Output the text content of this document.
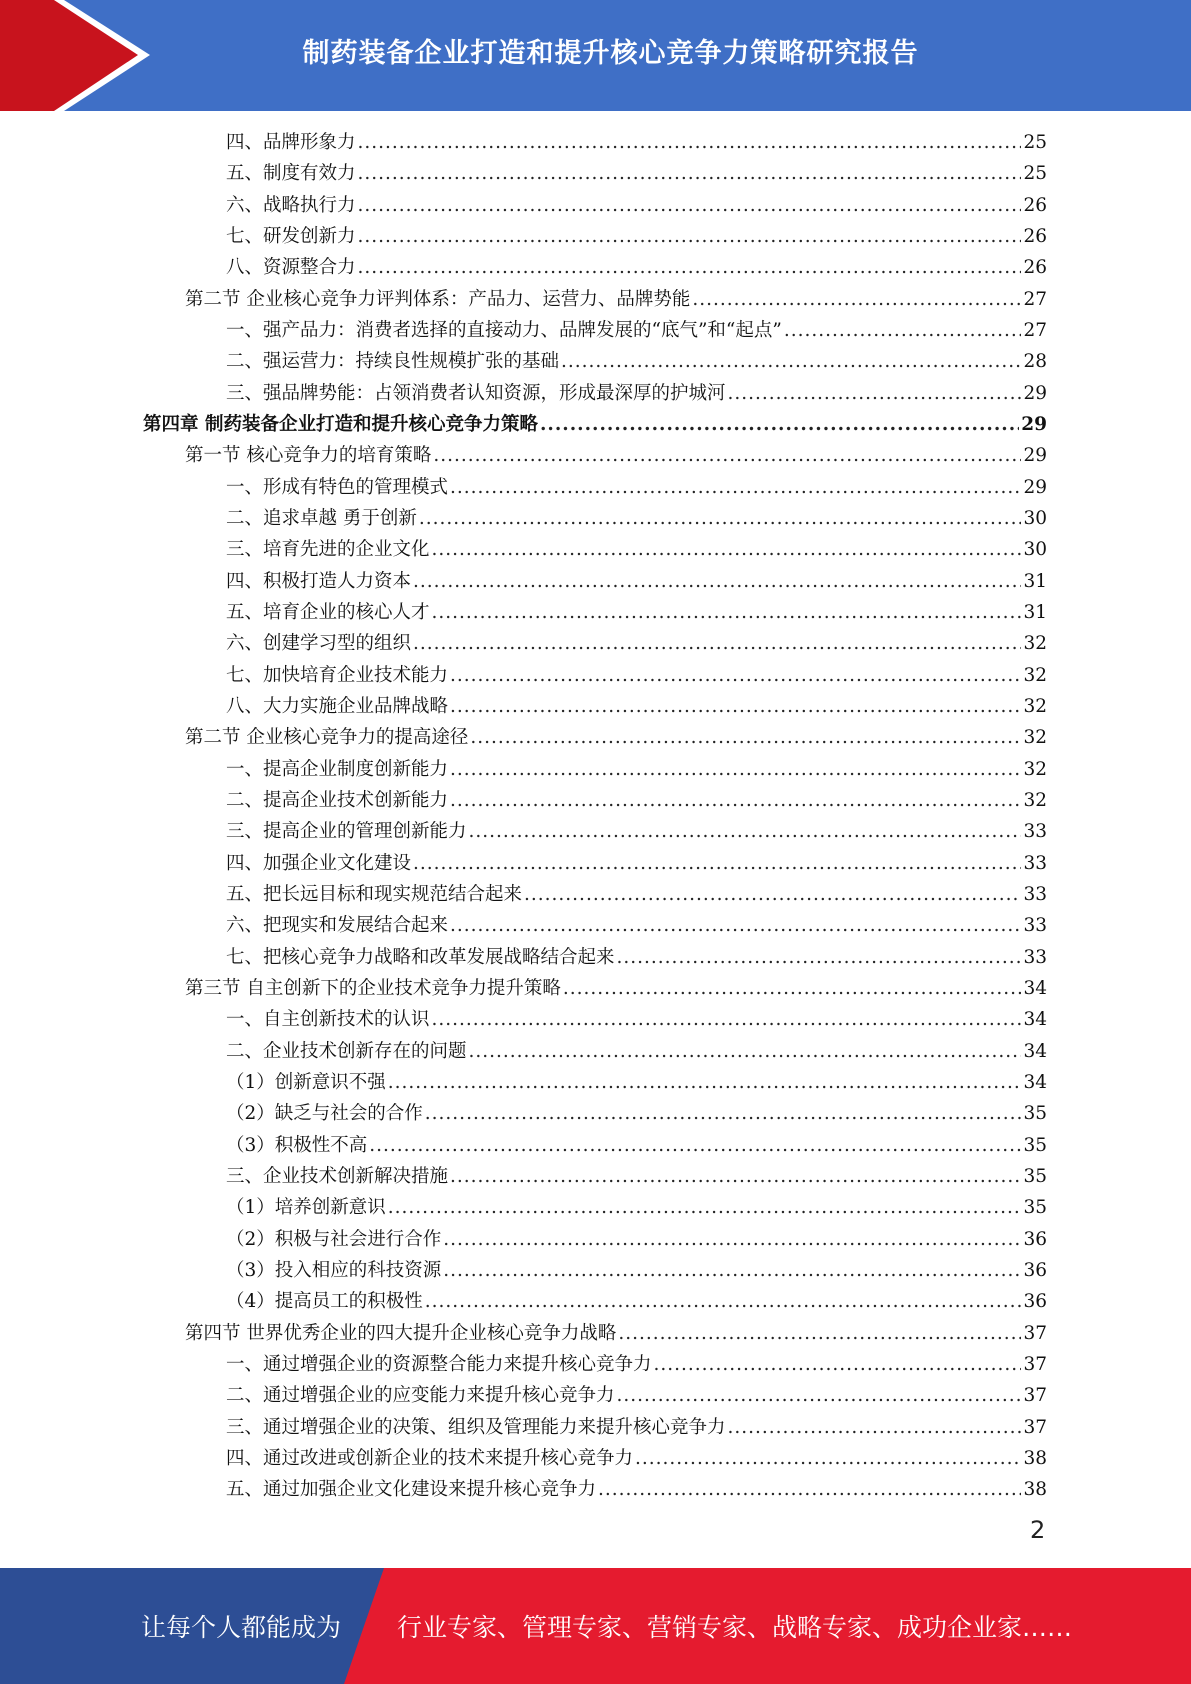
制药装备企业打造和提升核心竞争力策略研究报告
四、品牌形象力 .....	25
五、制度有效力 .....	25
六、战略执行力 .....	26
七、研发创新力 .....	26
八、资源整合力 .....	26
第二节 企业核心竞争力评判体系：产品力、运营力、品牌势能 .....	27
一、强产品力：消费者选择的直接动力、品牌发展的“底气”和“起点” .....	27
二、强运营力：持续良性规模扩张的基础 .....	28
三、强品牌势能：占领消费者认知资源，形成最深厚的护城河 .....	29
第四章 制药装备企业打造和提升核心竞争力策略 .....	29
第一节 核心竞争力的培育策略 .....	29
一、形成有特色的管理模式 .....	29
二、追求卓越 勇于创新 .....	30
三、培育先进的企业文化 .....	30
四、积极打造人力资本 .....	31
五、培育企业的核心人才 .....	31
六、创建学习型的组织 .....	32
七、加快培育企业技术能力 .....	32
八、大力实施企业品牌战略 .....	32
第二节 企业核心竞争力的提高途径 .....	32
一、提高企业制度创新能力 .....	32
二、提高企业技术创新能力 .....	32
三、提高企业的管理创新能力 .....	33
四、加强企业文化建设 .....	33
五、把长远目标和现实规范结合起来 .....	33
六、把现实和发展结合起来 .....	33
七、把核心竞争力战略和改革发展战略结合起来 .....	33
第三节 自主创新下的企业技术竞争力提升策略 .....	34
一、自主创新技术的认识 .....	34
二、企业技术创新存在的问题 .....	34
（1）创新意识不强 .....	34
（2）缺乏与社会的合作 .....	35
（3）积极性不高 .....	35
三、企业技术创新解决措施 .....	35
（1）培养创新意识 .....	35
（2）积极与社会进行合作 .....	36
（3）投入相应的科技资源 .....	36
（4）提高员工的积极性 .....	36
第四节 世界优秀企业的四大提升企业核心竞争力战略 .....	37
一、通过增强企业的资源整合能力来提升核心竞争力 .....	37
二、通过增强企业的应变能力来提升核心竞争力 .....	37
三、通过增强企业的决策、组织及管理能力来提升核心竞争力 .....	37
四、通过改进或创新企业的技术来提升核心竞争力 .....	38
五、通过加强企业文化建设来提升核心竞争力 .....	38
2
让每个人都能成为 行业专家、管理专家、营销专家、战略专家、成功企业家……
